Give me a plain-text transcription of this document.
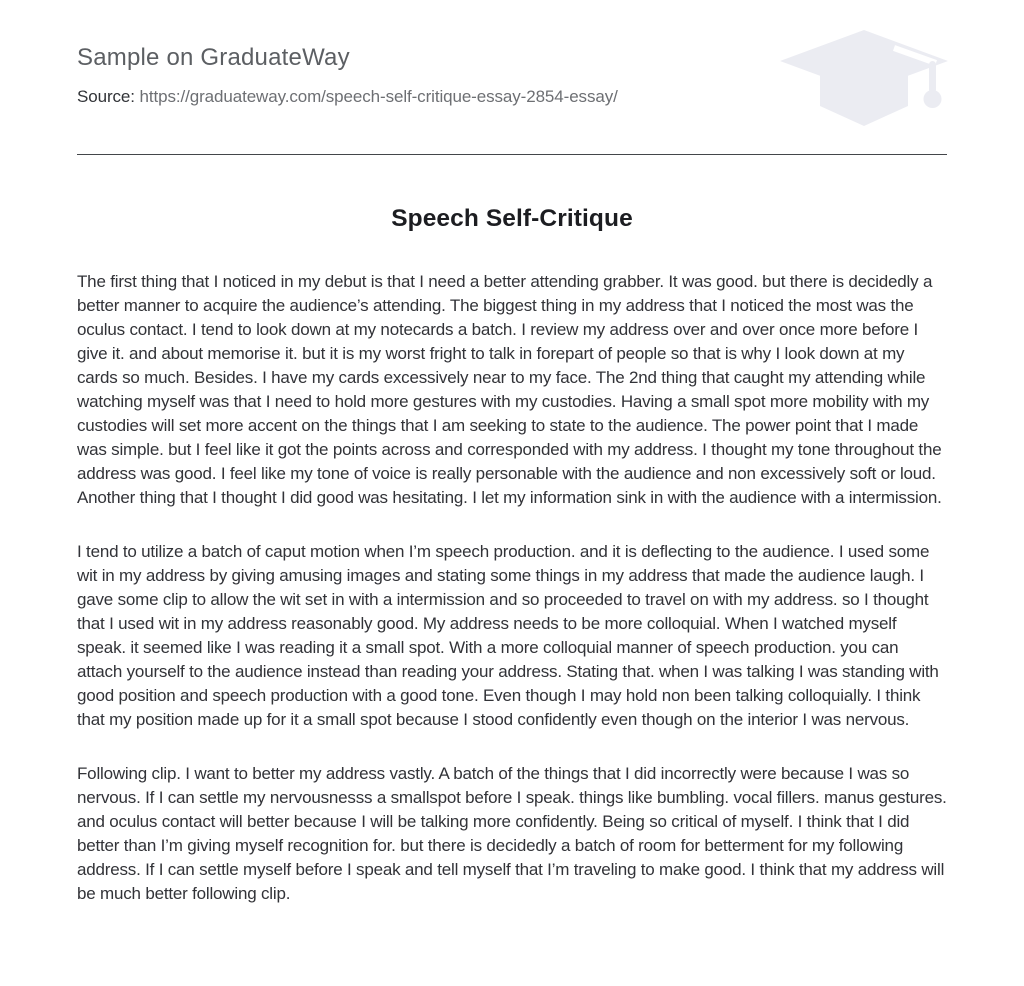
Sample on GraduateWay

Source: https://graduateway.com/speech-self-critique-essay-2854-essay/

Speech Self-Critique

The first thing that I noticed in my debut is that I need a better attending grabber. It was good. but there is decidedly a better manner to acquire the audience’s attending. The biggest thing in my address that I noticed the most was the oculus contact. I tend to look down at my notecards a batch. I review my address over and over once more before I give it. and about memorise it. but it is my worst fright to talk in forepart of people so that is why I look down at my cards so much. Besides. I have my cards excessively near to my face. The 2nd thing that caught my attending while watching myself was that I need to hold more gestures with my custodies. Having a small spot more mobility with my custodies will set more accent on the things that I am seeking to state to the audience. The power point that I made was simple. but I feel like it got the points across and corresponded with my address. I thought my tone throughout the address was good. I feel like my tone of voice is really personable with the audience and non excessively soft or loud. Another thing that I thought I did good was hesitating. I let my information sink in with the audience with a intermission.

I tend to utilize a batch of caput motion when I’m speech production. and it is deflecting to the audience. I used some wit in my address by giving amusing images and stating some things in my address that made the audience laugh. I gave some clip to allow the wit set in with a intermission and so proceeded to travel on with my address. so I thought that I used wit in my address reasonably good. My address needs to be more colloquial. When I watched myself speak. it seemed like I was reading it a small spot. With a more colloquial manner of speech production. you can attach yourself to the audience instead than reading your address. Stating that. when I was talking I was standing with good position and speech production with a good tone. Even though I may hold non been talking colloquially. I think that my position made up for it a small spot because I stood confidently even though on the interior I was nervous.

Following clip. I want to better my address vastly. A batch of the things that I did incorrectly were because I was so nervous. If I can settle my nervousnesss a smallspot before I speak. things like bumbling. vocal fillers. manus gestures. and oculus contact will better because I will be talking more confidently. Being so critical of myself. I think that I did better than I’m giving myself recognition for. but there is decidedly a batch of room for betterment for my following address. If I can settle myself before I speak and tell myself that I’m traveling to make good. I think that my address will be much better following clip.
